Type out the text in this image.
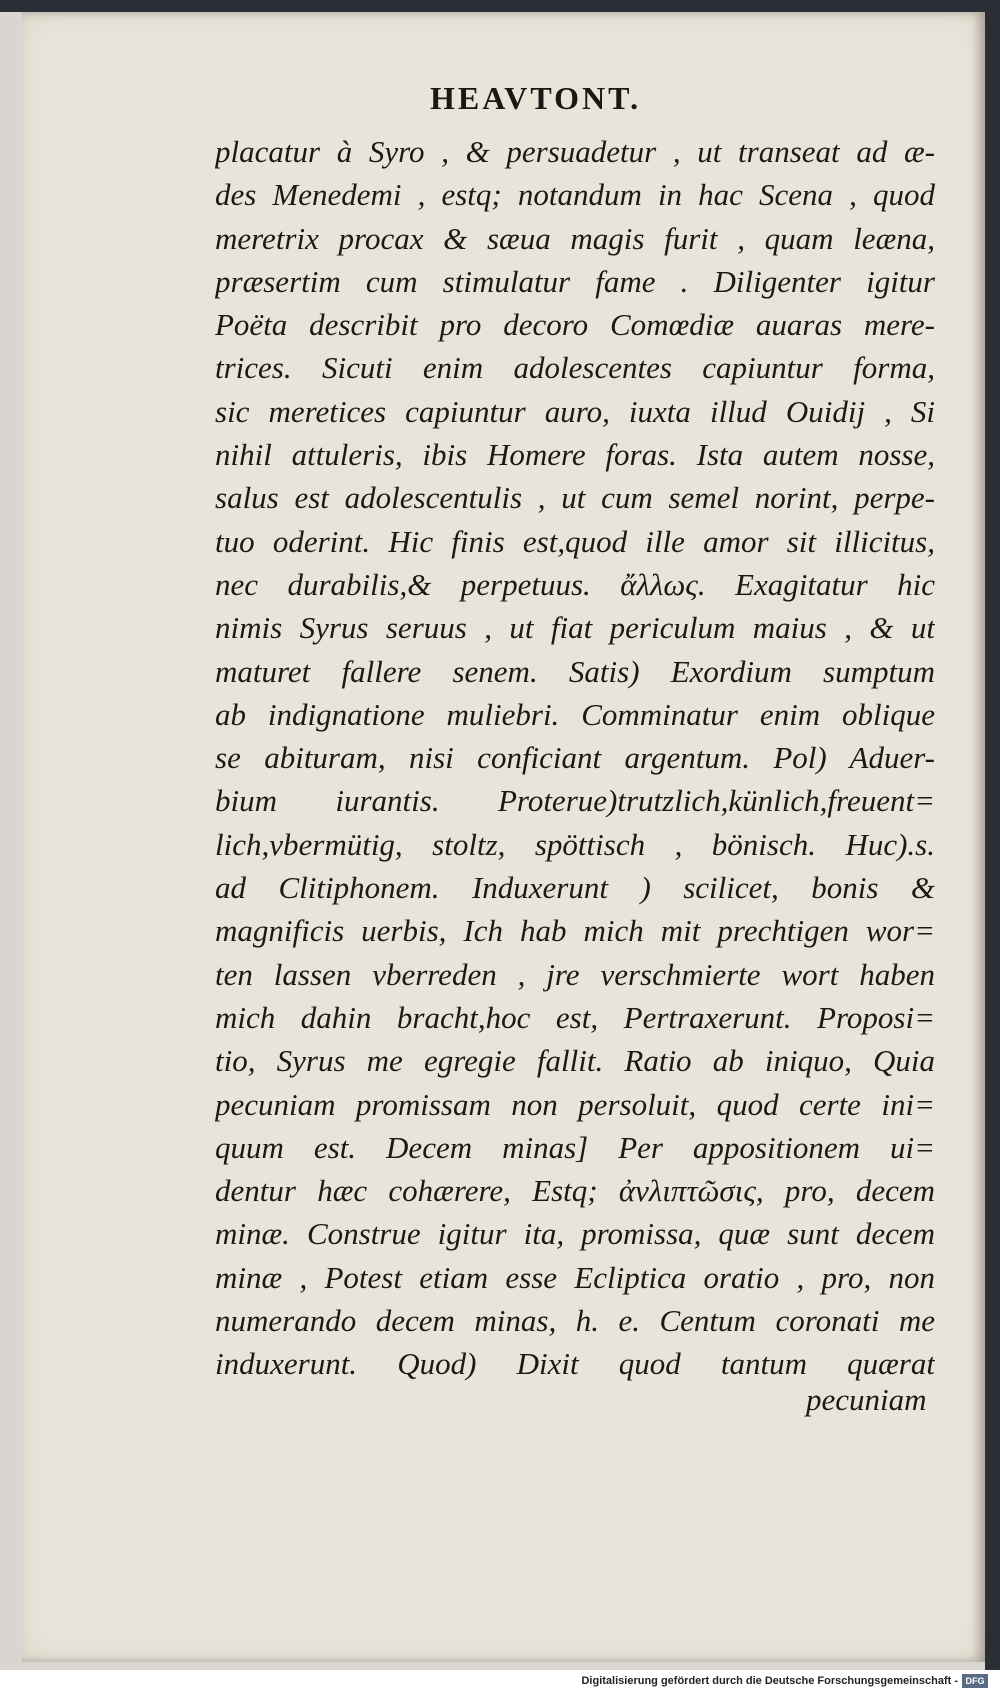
HEAVTONT.
placatur à Syro , & persuadetur , ut transeat ad æ-
des Menedemi , estq; notandum in hac Scena , quod
meretrix procax & sæua magis furit , quam leæna,
præsertim cum stimulatur fame . Diligenter igitur
Poëta describit pro decoro Comœdiæ auaras mere-
trices. Sicuti enim adolescentes capiuntur forma,
sic meretices capiuntur auro, iuxta illud Ouidij , Si
nihil attuleris, ibis Homere foras. Ista autem nosse,
salus est adolescentulis , ut cum semel norint, perpe-
tuo oderint. Hic finis est,quod ille amor sit illicitus,
nec durabilis,& perpetuus. ἄλλως. Exagitatur hic
nimis Syrus seruus , ut fiat periculum maius , & ut
maturet fallere senem. Satis) Exordium sumptum
ab indignatione muliebri. Comminatur enim oblique
se abituram, nisi conficiant argentum. Pol) Aduer-
bium iurantis. Proterue)trutzlich,künlich,freuent=
lich,vbermütig, stoltz, spöttisch , bönisch. Huc).s.
ad Clitiphonem. Induxerunt ) scilicet, bonis &
magnificis uerbis, Ich hab mich mit prechtigen wor=
ten lassen vberreden , jre verschmierte wort haben
mich dahin bracht,hoc est, Pertraxerunt. Proposi=
tio, Syrus me egregie fallit. Ratio ab iniquo, Quia
pecuniam promissam non persoluit, quod certe ini=
quum est. Decem minas] Per appositionem ui=
dentur hæc cohærere, Estq; ἀνλιπτῶσις, pro, decem
minæ. Construe igitur ita, promissa, quæ sunt decem
minæ , Potest etiam esse Ecliptica oratio , pro, non
numerando decem minas, h. e. Centum coronati me
induxerunt. Quod) Dixit quod tantum quærat
pecuniam
Digitalisierung gefördert durch die Deutsche Forschungsgemeinschaft - DFG
